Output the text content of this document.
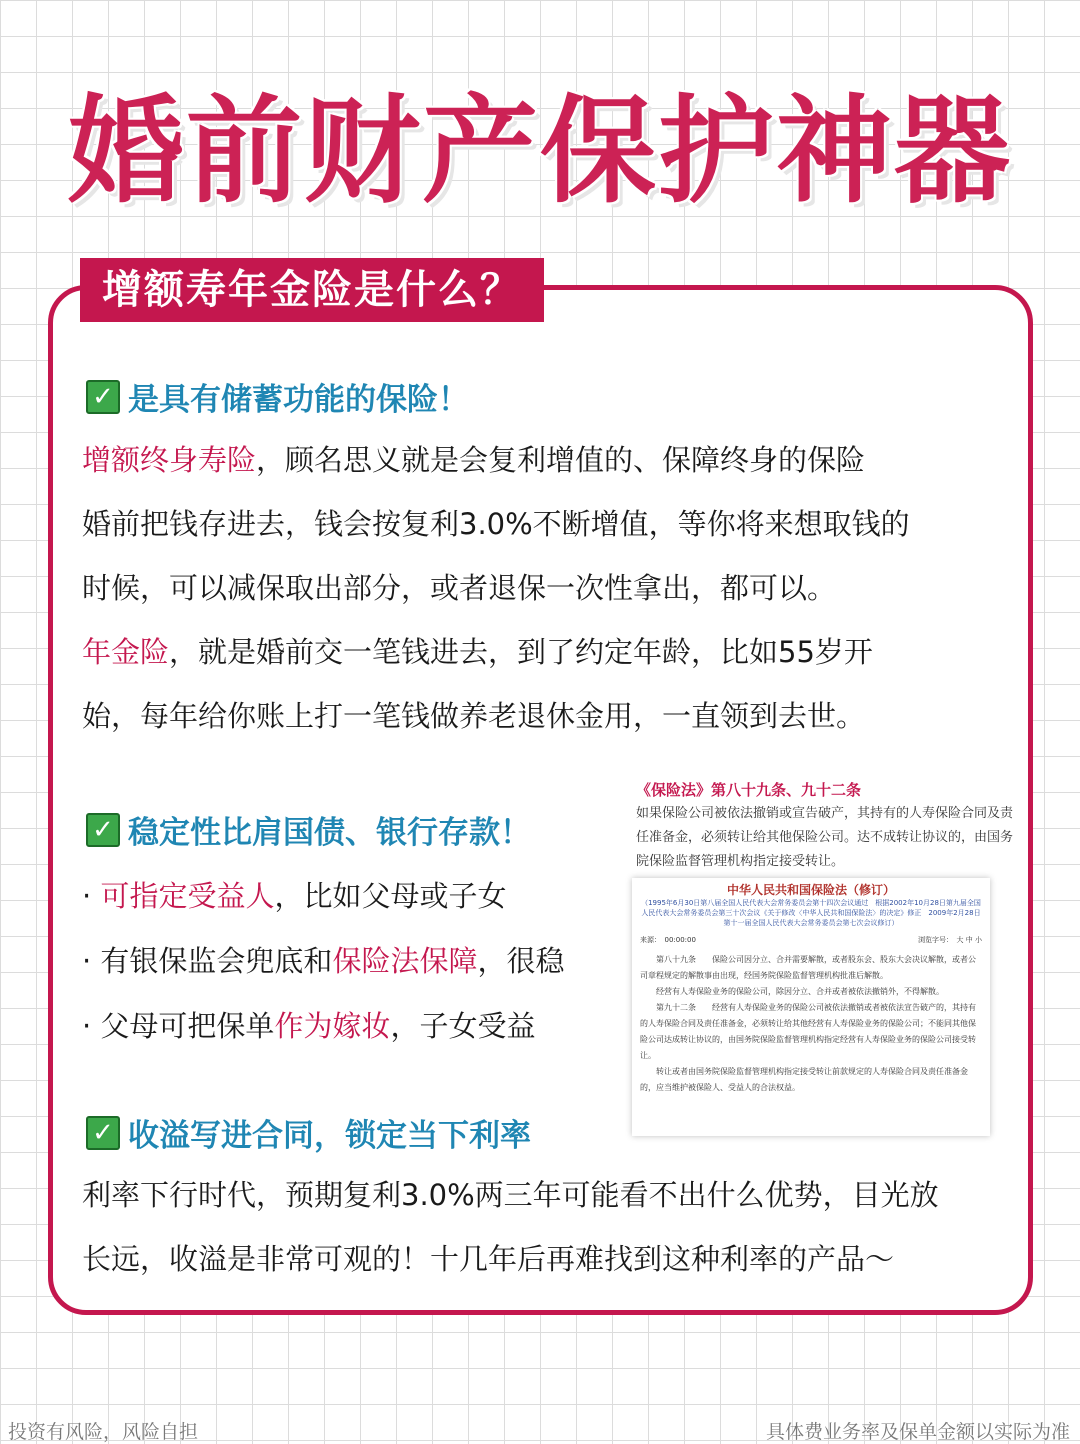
婚前财产保护神器
增额寿年金险是什么？
✓ 是具有储蓄功能的保险！
增额终身寿险，顾名思义就是会复利增值的、保障终身的保险
婚前把钱存进去，钱会按复利3.0%不断增值，等你将来想取钱的
时候，可以减保取出部分，或者退保一次性拿出，都可以。
年金险，就是婚前交一笔钱进去，到了约定年龄，比如55岁开
始，每年给你账上打一笔钱做养老退休金用，一直领到去世。
✓ 稳定性比肩国债、银行存款！
· 可指定受益人，比如父母或子女
· 有银保监会兜底和保险法保障，很稳
· 父母可把保单作为嫁妆，子女受益
《保险法》第八十九条、九十二条
如果保险公司被依法撤销或宣告破产，其持有的人寿保险合同及责任准备金，必须转让给其他保险公司。达不成转让协议的，由国务院保险监督管理机构指定接受转让。
中华人民共和国保险法（修订）
（1995年6月30日第八届全国人民代表大会常务委员会第十四次会议通过　根据2002年10月28日第九届全国人民代表大会常务委员会第三十次会议《关于修改〈中华人民共和国保险法〉的决定》修正　2009年2月28日第十一届全国人民代表大会常务委员会第七次会议修订）
来源：　00:00:00	浏览字号：　大 中 小

第八十九条　　保险公司因分立、合并需要解散，或者股东会、股东大会决议解散，或者公司章程规定的解散事由出现，经国务院保险监督管理机构批准后解散。

经营有人寿保险业务的保险公司，除因分立、合并或者被依法撤销外，不得解散。

第九十二条　　经营有人寿保险业务的保险公司被依法撤销或者被依法宣告破产的，其持有的人寿保险合同及责任准备金，必须转让给其他经营有人寿保险业务的保险公司；不能同其他保险公司达成转让协议的，由国务院保险监督管理机构指定经营有人寿保险业务的保险公司接受转让。

转让或者由国务院保险监督管理机构指定接受转让前款规定的人寿保险合同及责任准备金的，应当维护被保险人、受益人的合法权益。

✓ 收溢写进合同，锁定当下利率
利率下行时代，预期复利3.0%两三年可能看不出什么优势，目光放
长远，收溢是非常可观的！十几年后再难找到这种利率的产品～
投资有风险，风险自担	具体费业务率及保单金额以实际为准
